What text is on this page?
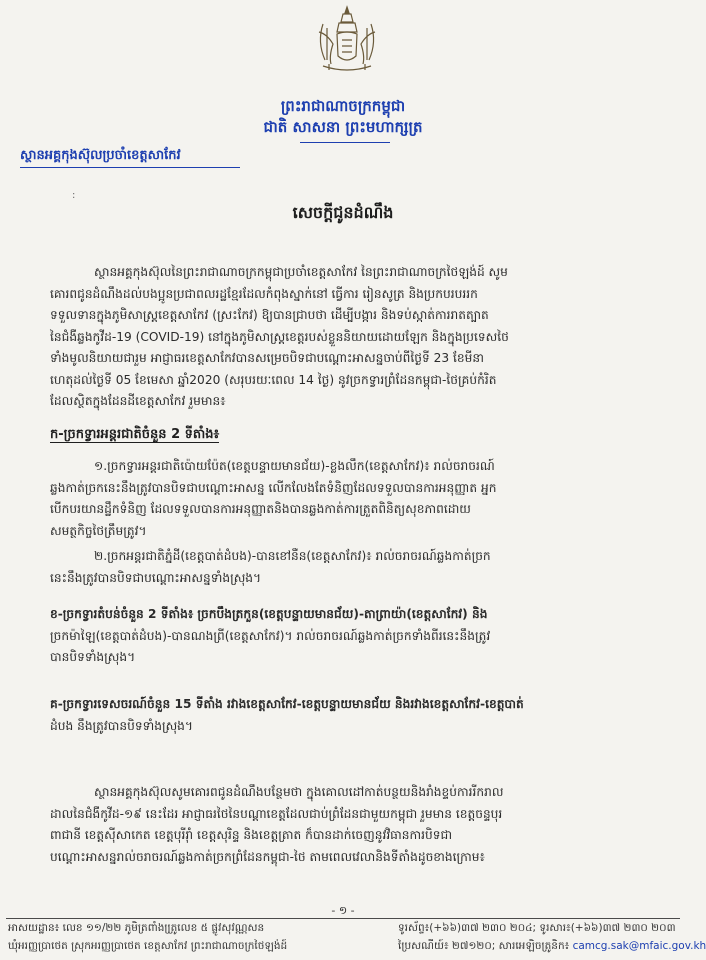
ព្រះរាជាណាចក្រកម្ពុជា
ជាតិ សាសនា ព្រះមហាក្សត្រ
ស្ថានអគ្គកុងស៊ុលប្រចាំខេត្តសាកែវ
:
សេចក្តីជូនដំណឹង
ស្ថានអគ្គកុងស៊ុលនៃព្រះរាជាណាចក្រកម្ពុជាប្រចាំខេត្តសាកែវ នៃព្រះរាជាណាចក្រថៃឡង់ដ៍ សូម
គោរពជូនដំណឹងដល់បងប្អូនប្រជាពលរដ្ឋខ្មែរដែលកំពុងស្នាក់នៅ ធ្វើការ រៀនសូត្រ និងប្រកបរបររក
ទទួលទានក្នុងភូមិសាស្ត្រខេត្តសាកែវ (ស្រះកែវ) ឱ្យបានជ្រាបថា ដើម្បីបង្ការ និងទប់ស្កាត់ការរាតត្បាត
នៃជំងឺឆ្លងកូវីដ-19 (COVID-19) នៅក្នុងភូមិសាស្ត្រខេត្តរបស់ខ្លួននិយាយដោយឡែក និងក្នុងប្រទេសថៃ
ទាំងមូលនិយាយជារួម អាជ្ញាធរខេត្តសាកែវបានសម្រេចបិទជាបណ្តោះអាសន្នចាប់ពីថ្ងៃទី 23 ខែមីនា
ហេតុដល់ថ្ងៃទី 05 ខែមេសា ឆ្នាំ2020 (សរុបរយៈពេល 14 ថ្ងៃ) នូវច្រកទ្វារព្រំដែនកម្ពុជា-ថៃគ្រប់កំរិត
ដែលស្ថិតក្នុងដែនដីខេត្តសាកែវ រួមមាន៖
ក-ច្រកទ្វារអន្តរជាតិចំនួន 2 ទីតាំង៖
១.ច្រកទ្វារអន្តរជាតិប៉ោយប៉ែត(ខេត្តបន្ទាយមានជ័យ)-ខ្លងលឹក(ខេត្តសាកែវ)៖ រាល់ចរាចរណ៍
ឆ្លងកាត់ច្រកនេះនឹងត្រូវបានបិទជាបណ្តោះអាសន្ន លើកលែងតែទំនិញដែលទទួលបានការអនុញ្ញាត អ្នក
បើកបរយានដ្ឋឹកទំនិញ ដែលទទួលបានការអនុញ្ញាតនិងបានឆ្លងកាត់ការត្រួតពិនិត្យសុខភាពដោយ
សមត្ថកិច្ចថៃត្រឹមត្រូវ។
២.ច្រកអន្តរជាតិភ្នំដី(ខេត្តបាត់ដំបង)-បានខៅនឺន(ខេត្តសាកែវ)៖ រាល់ចរាចរណ៍ឆ្លងកាត់ច្រក
នេះនឹងត្រូវបានបិទជាបណ្តោះអាសន្នទាំងស្រុង។
ខ-ច្រកទ្វារតំបន់ចំនួន 2 ទីតាំង៖ ច្រកបឹងត្រកួន(ខេត្តបន្ទាយមានជ័យ)-តាព្រាយ៉ា(ខេត្តសាកែវ) និង
ច្រកម៉ាឡៃ(ខេត្តបាត់ដំបង)-បានណងព្រី(ខេត្តសាកែវ)។ រាល់ចរាចរណ៍ឆ្លងកាត់ច្រកទាំងពីរនេះនឹងត្រូវ
បានបិទទាំងស្រុង។
គ-ច្រកទ្វារទេសចរណ៍ចំនួន 15 ទីតាំង រវាងខេត្តសាកែវ-ខេត្តបន្ទាយមានជ័យ និងរវាងខេត្តសាកែវ-ខេត្តបាត់
ដំបង នឹងត្រូវបានបិទទាំងស្រុង។
ស្ថានអគ្គកុងស៊ុលសូមគោរពជូនដំណឹងបន្ថែមថា ក្នុងគោលដៅកាត់បន្ថយនិងរាំងខ្ទប់ការរីករាល
ដាលនៃជំងឺកូវីដ-១៩ នេះដែរ អាជ្ញាធរថៃនៃបណ្តាខេត្តដែលជាប់ព្រំដែនជាមួយកម្ពុជា រួមមាន ខេត្តចន្ទបុរ
ពាជានី ខេត្តស៊ីសាកេត ខេត្តបុរីរ៉ាំ ខេត្តសុរិន្ទ និងខេត្តត្រាត ក៏បានដាក់ចេញនូវវិធានការបិទជា
បណ្តោះអាសន្នរាល់ចរាចរណ៍ឆ្លងកាត់ច្រកព្រំដែនកម្ពុជា-ថៃ តាមពេលវេលានិងទីតាំងដូចខាងក្រោម៖
- ១ -
អាសយដ្ឋាន៖ លេខ ១១/២២ ភូមិត្រពាំងត្រ្រូលេខ ៥ ផ្លូវសុវណ្ណសន
ឃុំអរញ្ញប្រាថេត ស្រុកអរញ្ញប្រាថេត ខេត្តសាកែវ ព្រះរាជាណាចក្រថៃឡង់ដ៍
ទូរស័ព្ទ៖(+៦៦)៣៧ ២៣០ ២០៤; ទូរសារ៖(+៦៦)៣៧ ២៣០ ២០៣
ប្រៃសណីយ៍៖ ២៧១២០; សារអេឡិចត្រូនិក៖ camcg.sak@mfaic.gov.kh
